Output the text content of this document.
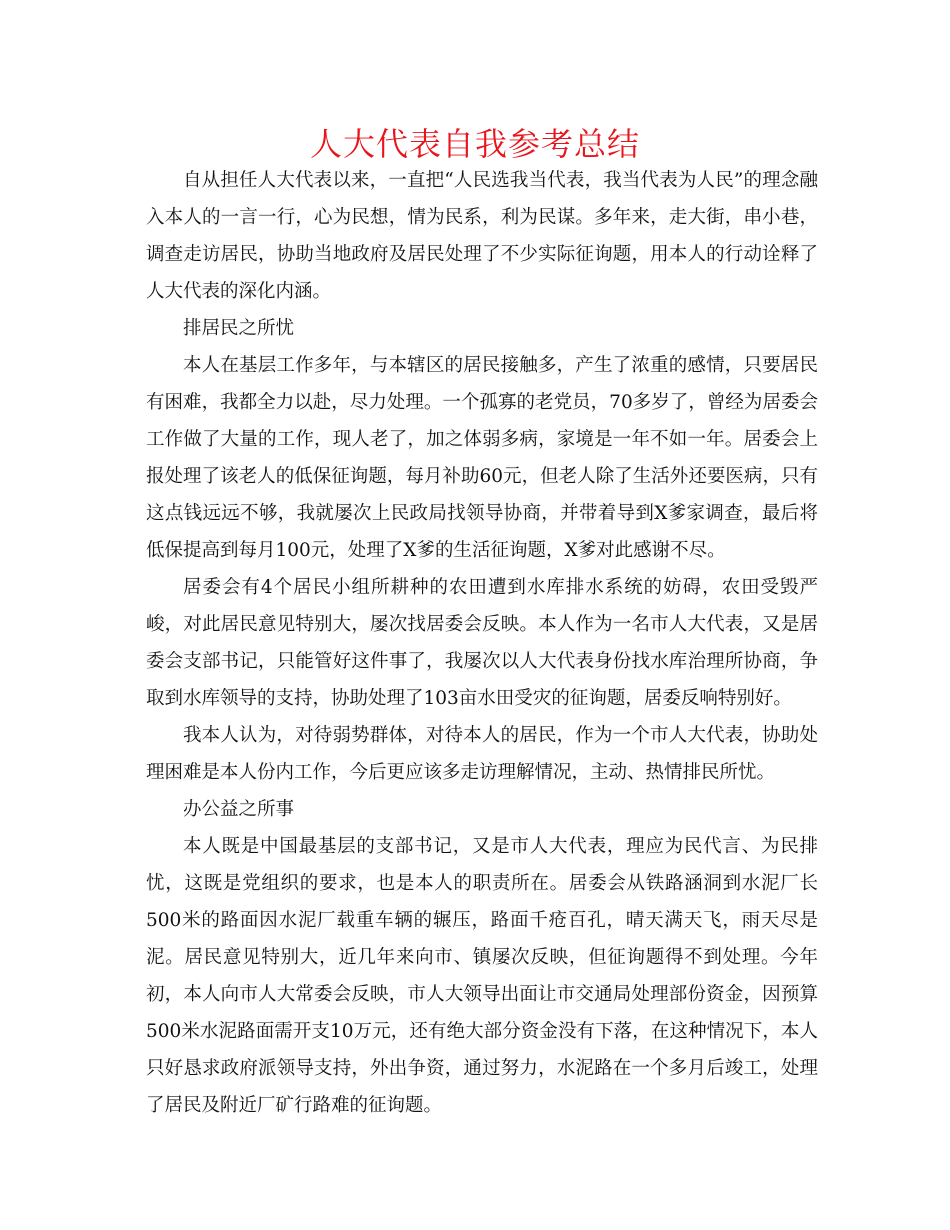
人大代表自我参考总结

自从担任人大代表以来，一直把“人民选我当代表，我当代表为人民”的理念融入本人的一言一行，心为民想，情为民系，利为民谋。多年来，走大街，串小巷，调查走访居民，协助当地政府及居民处理了不少实际征询题，用本人的行动诠释了人大代表的深化内涵。

排居民之所忧

本人在基层工作多年，与本辖区的居民接触多，产生了浓重的感情，只要居民有困难，我都全力以赴，尽力处理。一个孤寡的老党员，70多岁了，曾经为居委会工作做了大量的工作，现人老了，加之体弱多病，家境是一年不如一年。居委会上报处理了该老人的低保征询题，每月补助60元，但老人除了生活外还要医病，只有这点钱远远不够，我就屡次上民政局找领导协商，并带着导到X爹家调查，最后将低保提高到每月100元，处理了X爹的生活征询题，X爹对此感谢不尽。

居委会有4个居民小组所耕种的农田遭到水库排水系统的妨碍，农田受毁严峻，对此居民意见特别大，屡次找居委会反映。本人作为一名市人大代表，又是居委会支部书记，只能管好这件事了，我屡次以人大代表身份找水库治理所协商，争取到水库领导的支持，协助处理了103亩水田受灾的征询题，居委反响特别好。

我本人认为，对待弱势群体，对待本人的居民，作为一个市人大代表，协助处理困难是本人份内工作，今后更应该多走访理解情况，主动、热情排民所忧。

办公益之所事

本人既是中国最基层的支部书记，又是市人大代表，理应为民代言、为民排忧，这既是党组织的要求，也是本人的职责所在。居委会从铁路涵洞到水泥厂长500米的路面因水泥厂载重车辆的辗压，路面千疮百孔，晴天满天飞，雨天尽是泥。居民意见特别大，近几年来向市、镇屡次反映，但征询题得不到处理。今年初，本人向市人大常委会反映，市人大领导出面让市交通局处理部份资金，因预算500米水泥路面需开支10万元，还有绝大部分资金没有下落，在这种情况下，本人只好恳求政府派领导支持，外出争资，通过努力，水泥路在一个多月后竣工，处理了居民及附近厂矿行路难的征询题。
